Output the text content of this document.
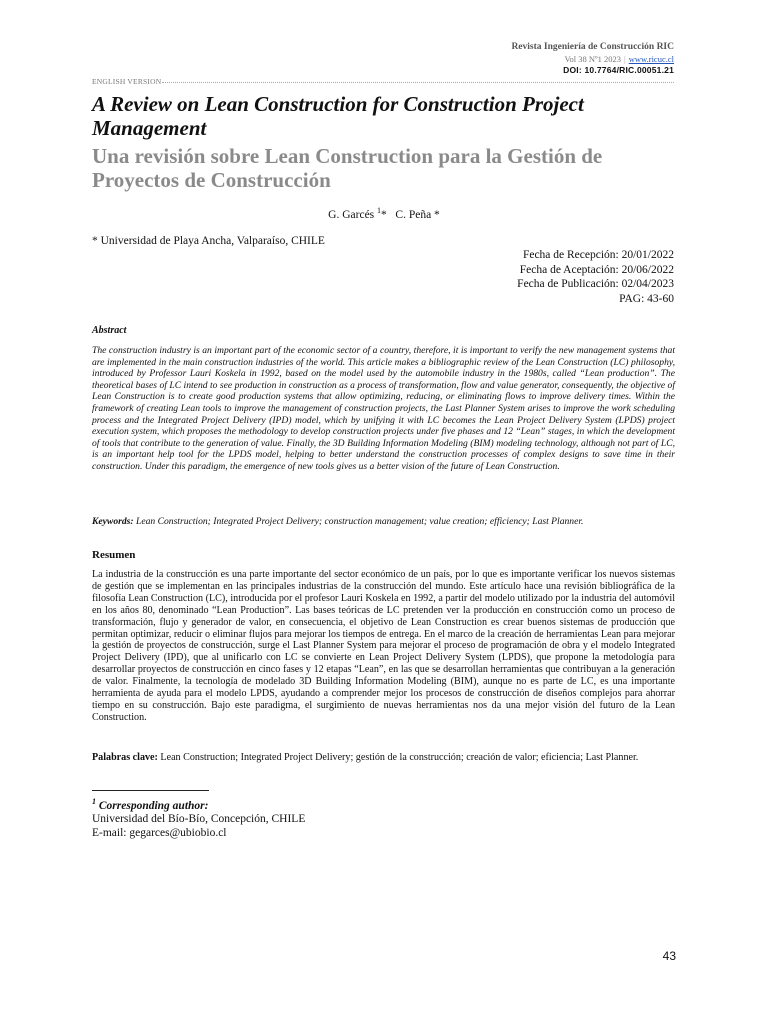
Revista Ingeniería de Construcción RIC
Vol 38 Nº1 2023 | www.ricuc.cl
DOI: 10.7764/RIC.00051.21
ENGLISH VERSION
A Review on Lean Construction for Construction Project Management
Una revisión sobre Lean Construction para la Gestión de Proyectos de Construcción
G. Garcés $^1$* C. Peña *
* Universidad de Playa Ancha, Valparaíso, CHILE
Fecha de Recepción: 20/01/2022
Fecha de Aceptación: 20/06/2022
Fecha de Publicación: 02/04/2023
PAG: 43-60
Abstract

The construction industry is an important part of the economic sector of a country, therefore, it is important to verify the new management systems that are implemented in the main construction industries of the world. This article makes a bibliographic review of the Lean Construction (LC) philosophy, introduced by Professor Lauri Koskela in 1992, based on the model used by the automobile industry in the 1980s, called “Lean production”. The theoretical bases of LC intend to see production in construction as a process of transformation, flow and value generator, consequently, the objective of Lean Construction is to create good production systems that allow optimizing, reducing, or eliminating flows to improve delivery times. Within the framework of creating Lean tools to improve the management of construction projects, the Last Planner System arises to improve the work scheduling process and the Integrated Project Delivery (IPD) model, which by unifying it with LC becomes the Lean Project Delivery System (LPDS) project execution system, which proposes the methodology to develop construction projects under five phases and 12 “Lean” stages, in which the development of tools that contribute to the generation of value. Finally, the 3D Building Information Modeling (BIM) modeling technology, although not part of LC, is an important help tool for the LPDS model, helping to better understand the construction processes of complex designs to save time in their construction. Under this paradigm, the emergence of new tools gives us a better vision of the future of Lean Construction.

Keywords: Lean Construction; Integrated Project Delivery; construction management; value creation; efficiency; Last Planner.

Resumen

La industria de la construcción es una parte importante del sector económico de un país, por lo que es importante verificar los nuevos sistemas de gestión que se implementan en las principales industrias de la construcción del mundo. Este artículo hace una revisión bibliográfica de la filosofía Lean Construction (LC), introducida por el profesor Lauri Koskela en 1992, a partir del modelo utilizado por la industria del automóvil en los años 80, denominado “Lean Production”. Las bases teóricas de LC pretenden ver la producción en construcción como un proceso de transformación, flujo y generador de valor, en consecuencia, el objetivo de Lean Construction es crear buenos sistemas de producción que permitan optimizar, reducir o eliminar flujos para mejorar los tiempos de entrega. En el marco de la creación de herramientas Lean para mejorar la gestión de proyectos de construcción, surge el Last Planner System para mejorar el proceso de programación de obra y el modelo Integrated Project Delivery (IPD), que al unificarlo con LC se convierte en Lean Project Delivery System (LPDS), que propone la metodología para desarrollar proyectos de construcción en cinco fases y 12 etapas “Lean”, en las que se desarrollan herramientas que contribuyan a la generación de valor. Finalmente, la tecnología de modelado 3D Building Information Modeling (BIM), aunque no es parte de LC, es una importante herramienta de ayuda para el modelo LPDS, ayudando a comprender mejor los procesos de construcción de diseños complejos para ahorrar tiempo en su construcción. Bajo este paradigma, el surgimiento de nuevas herramientas nos da una mejor visión del futuro de la Lean Construction.

Palabras clave: Lean Construction; Integrated Project Delivery; gestión de la construcción; creación de valor; eficiencia; Last Planner.

$^1$ Corresponding author:
Universidad del Bío-Bío, Concepción, CHILE
E-mail: gegarces@ubiobio.cl
43
